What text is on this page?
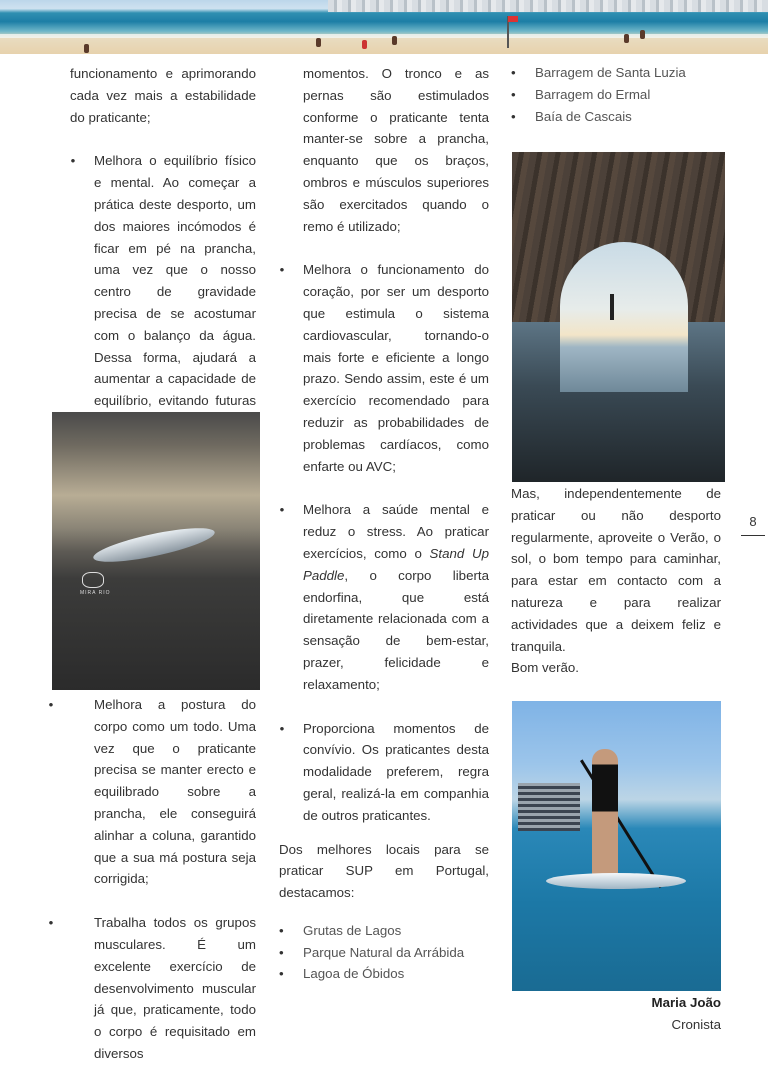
funcionamento e aprimorando cada vez mais a estabilidade do praticante;

• Melhora o equilíbrio físico e mental. Ao começar a prática deste desporto, um dos maiores incómodos é ficar em pé na prancha, uma vez que o nosso centro de gravidade precisa de se acostumar com o balanço da água. Dessa forma, ajudará a aumentar a capacidade de equilíbrio, evitando futuras

MIRA RIO

•	Melhora a postura do corpo como um todo. Uma vez que o praticante precisa se manter erecto e equilibrado sobre a prancha, ele conseguirá alinhar a coluna, garantido que a sua má postura seja corrigida;

•	Trabalha todos os grupos musculares. É um excelente exercício de desenvolvimento muscular já que, praticamente, todo o corpo é requisitado em diversos

momentos. O tronco e as pernas são estimulados conforme o praticante tenta manter-se sobre a prancha, enquanto que os braços, ombros e músculos superiores são exercitados quando o remo é utilizado;

• Melhora o funcionamento do coração, por ser um desporto que estimula o sistema cardiovascular, tornando-o mais forte e eficiente a longo prazo. Sendo assim, este é um exercício recomendado para reduzir as probabilidades de problemas cardíacos, como enfarte ou AVC;

• Melhora a saúde mental e reduz o stress. Ao praticar exercícios, como o Stand Up Paddle, o corpo liberta endorfina, que está diretamente relacionada com a sensação de bem-estar, prazer, felicidade e relaxamento;

• Proporciona momentos de convívio. Os praticantes desta modalidade preferem, regra geral, realizá-la em companhia de outros praticantes.

Dos melhores locais para se praticar SUP em Portugal, destacamos:

• Grutas de Lagos
• Parque Natural da Arrábida
• Lagoa de Óbidos
• Barragem de Santa Luzia
• Barragem do Ermal
• Baía de Cascais

Mas, independentemente de praticar ou não desporto regularmente, aproveite o Verão, o sol, o bom tempo para caminhar, para estar em contacto com a natureza e para realizar actividades que a deixem feliz e tranquila.

Bom verão.

Maria João
Cronista
8
